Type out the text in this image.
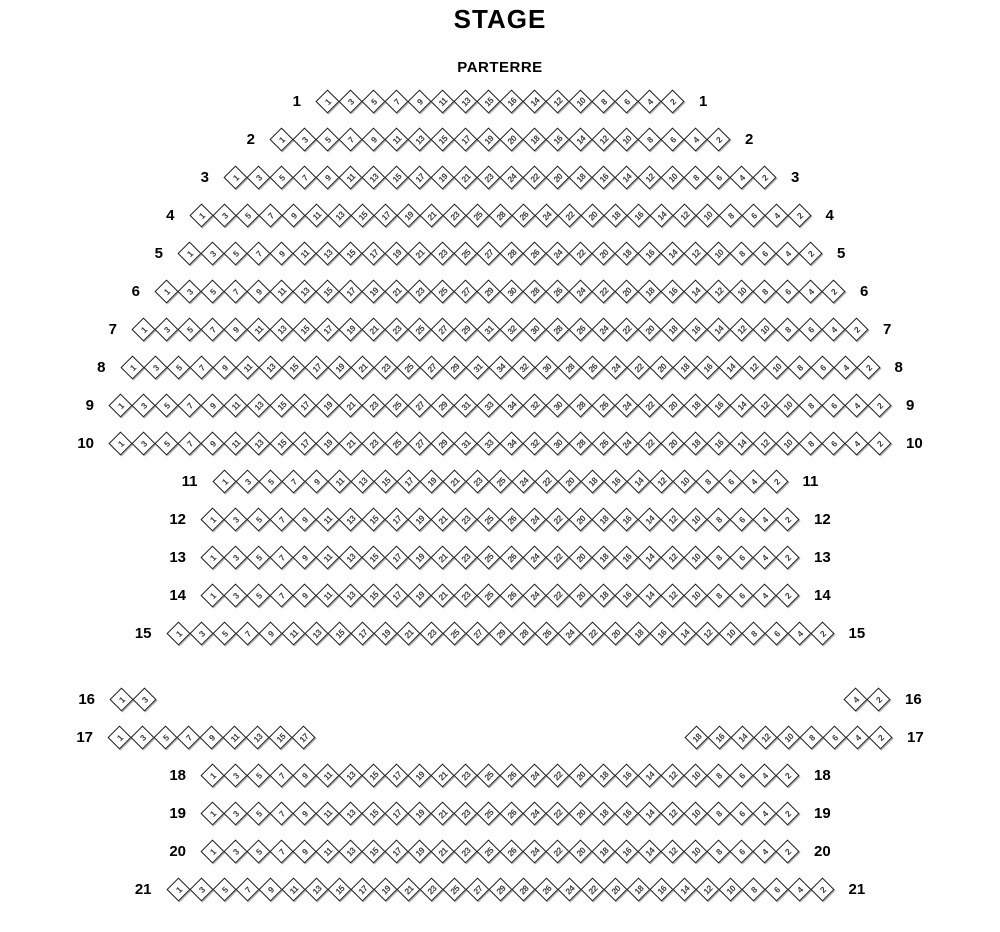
STAGE
PARTERRE
1	1 3 5 7 9 11 13 15 16 14 12 10 8 6 4 2 1
2	1 3 5 7 9 11 13 15 17 19 20 18 16 14 12 10 8 6 4 2 2
3	1 3 5 7 9 11 13 15 17 19 21 23 24 22 20 18 16 14 12 10 8 6 4 2 3
4	1 3 5 7 9 11 13 15 17 19 21 23 25 28 26 24 22 20 18 16 14 12 10 8 6 4 2 4
5	1 3 5 7 9 11 13 15 17 19 21 23 25 27 28 26 24 22 20 18 16 14 12 10 8 6 4 2 5
6	1 3 5 7 9 11 13 15 17 19 21 23 25 27 29 30 28 26 24 22 20 18 16 14 12 10 8 6 4 2 6
7	1 3 5 7 9 11 13 15 17 19 21 23 25 27 29 31 32 30 28 26 24 22 20 18 16 14 12 10 8 6 4 2 7
8	1 3 5 7 9 11 13 15 17 19 21 23 25 27 29 31 34 32 30 28 26 24 22 20 18 16 14 12 10 8 6 4 2 8
9	1 3 5 7 9 11 13 15 17 19 21 23 25 27 29 31 33 34 32 30 28 26 24 22 20 18 16 14 12 10 8 6 4 2 9
10	1 3 5 7 9 11 13 15 17 19 21 23 25 27 29 31 33 34 32 30 28 26 24 22 20 18 16 14 12 10 8 6 4 2 10
11	1 3 5 7 9 11 13 15 17 19 21 23 25 24 22 20 18 16 14 12 10 8 6 4 2 11
12	1 3 5 7 9 11 13 15 17 19 21 23 25 26 24 22 20 18 16 14 12 10 8 6 4 2 12
13	1 3 5 7 9 11 13 15 17 19 21 23 25 26 24 22 20 18 16 14 12 10 8 6 4 2 13
14	1 3 5 7 9 11 13 15 17 19 21 23 25 26 24 22 20 18 16 14 12 10 8 6 4 2 14
15	1 3 5 7 9 11 13 15 17 19 21 23 25 27 29 28 26 24 22 20 18 16 14 12 10 8 6 4 2 15
16	1 3	4 2 16
17	1 3 5 7 9 11 13 15 17	18 16 14 12 10 8 6 4 2 17
18	1 3 5 7 9 11 13 15 17 19 21 23 25 26 24 22 20 18 16 14 12 10 8 6 4 2 18
19	1 3 5 7 9 11 13 15 17 19 21 23 25 26 24 22 20 18 16 14 12 10 8 6 4 2 19
20	1 3 5 7 9 11 13 15 17 19 21 23 25 26 24 22 20 18 16 14 12 10 8 6 4 2 20
21	1 3 5 7 9 11 13 15 17 19 21 23 25 27 29 28 26 24 22 20 18 16 14 12 10 8 6 4 2 21
